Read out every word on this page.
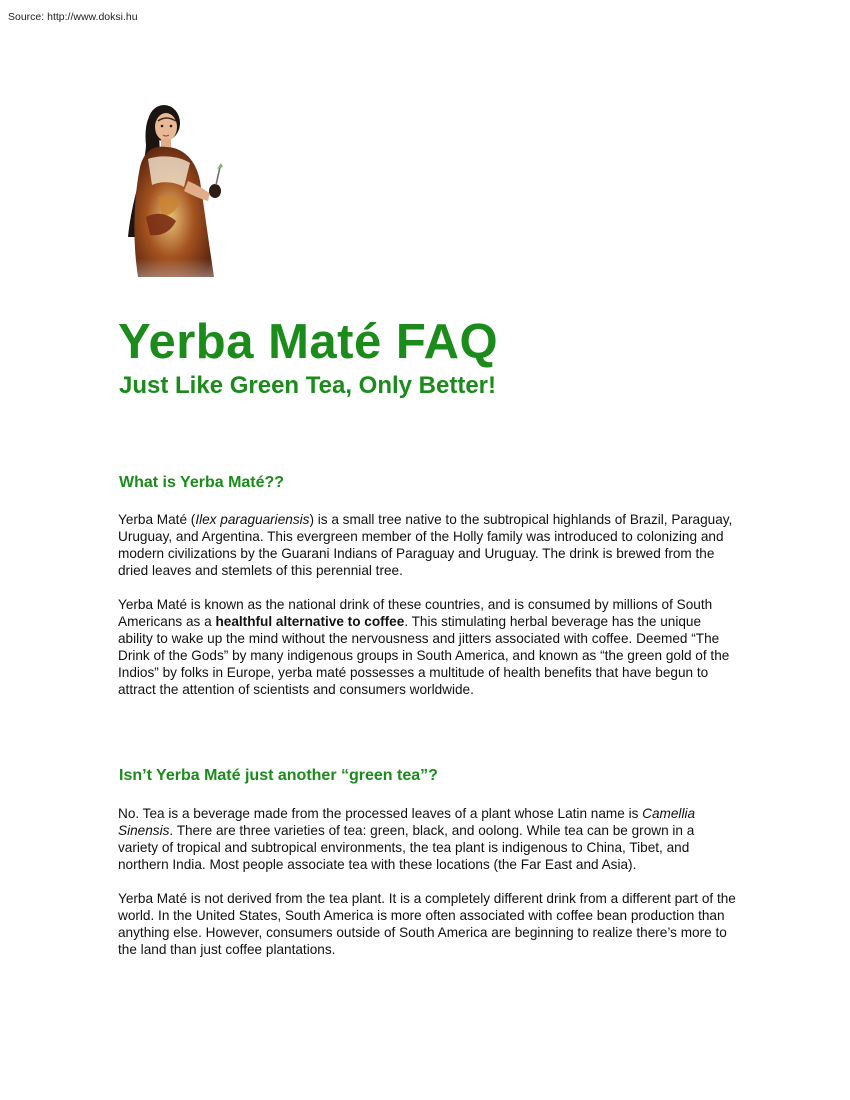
Source: http://www.doksi.hu
Yerba Maté FAQ
Just Like Green Tea, Only Better!
What is Yerba Maté??

Yerba Maté (Ilex paraguariensis) is a small tree native to the subtropical highlands of Brazil, Paraguay, Uruguay, and Argentina. This evergreen member of the Holly family was introduced to colonizing and modern civilizations by the Guarani Indians of Paraguay and Uruguay. The drink is brewed from the dried leaves and stemlets of this perennial tree.

Yerba Maté is known as the national drink of these countries, and is consumed by millions of South Americans as a healthful alternative to coffee. This stimulating herbal beverage has the unique ability to wake up the mind without the nervousness and jitters associated with coffee. Deemed “The Drink of the Gods” by many indigenous groups in South America, and known as “the green gold of the Indios” by folks in Europe, yerba maté possesses a multitude of health benefits that have begun to attract the attention of scientists and consumers worldwide.

Isn’t Yerba Maté just another “green tea”?

No. Tea is a beverage made from the processed leaves of a plant whose Latin name is Camellia Sinensis. There are three varieties of tea: green, black, and oolong. While tea can be grown in a variety of tropical and subtropical environments, the tea plant is indigenous to China, Tibet, and northern India. Most people associate tea with these locations (the Far East and Asia).

Yerba Maté is not derived from the tea plant. It is a completely different drink from a different part of the world. In the United States, South America is more often associated with coffee bean production than anything else. However, consumers outside of South America are beginning to realize there’s more to the land than just coffee plantations.
